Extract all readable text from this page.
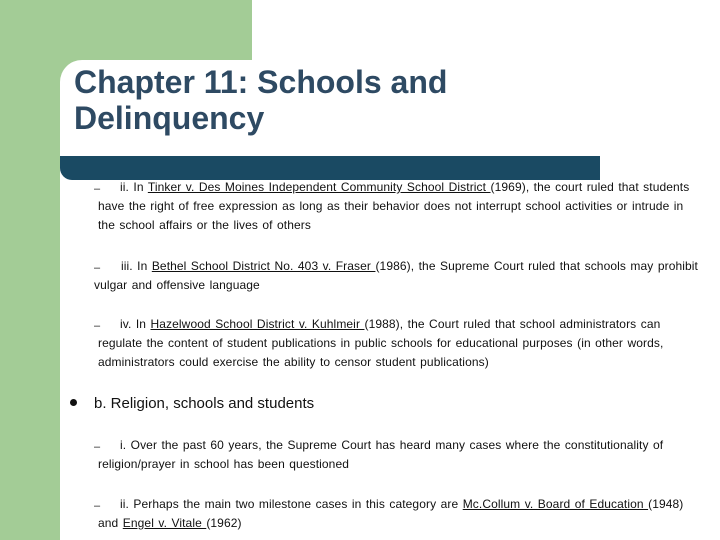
Chapter 11: Schools and Delinquency
–	ii. In Tinker v. Des Moines Independent Community School District (1969), the court ruled that students have the right of free expression as long as their behavior does not interrupt school activities or intrude in the school affairs or the lives of others
–	iii. In Bethel School District No. 403 v. Fraser (1986), the Supreme Court ruled that schools may prohibit vulgar and offensive language
–	iv. In Hazelwood School District v. Kuhlmeir (1988), the Court ruled that school administrators can regulate the content of student publications in public schools for educational purposes (in other words, administrators could exercise the ability to censor student publications)
b. Religion, schools and students
–	i. Over the past 60 years, the Supreme Court has heard many cases where the constitutionality of religion/prayer in school has been questioned
–	ii. Perhaps the main two milestone cases in this category are Mc.Collum v. Board of Education (1948) and Engel v. Vitale (1962)
